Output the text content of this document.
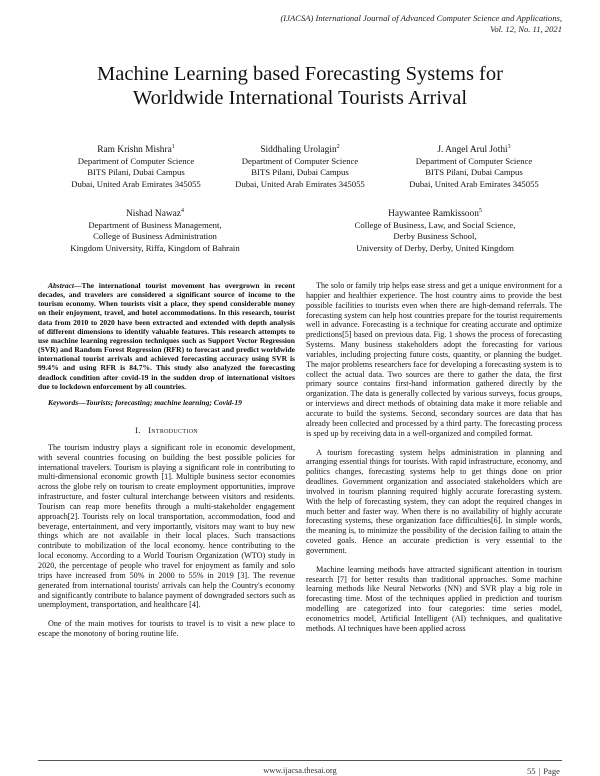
(IJACSA) International Journal of Advanced Computer Science and Applications,
Vol. 12, No. 11, 2021
Machine Learning based Forecasting Systems for
Worldwide International Tourists Arrival
Ram Krishn Mishra$^1$
Department of Computer Science
BITS Pilani, Dubai Campus
Dubai, United Arab Emirates 345055
Siddhaling Urolagin$^2$
Department of Computer Science
BITS Pilani, Dubai Campus
Dubai, United Arab Emirates 345055
J. Angel Arul Jothi$^3$
Department of Computer Science
BITS Pilani, Dubai Campus
Dubai, United Arab Emirates 345055
Nishad Nawaz$^4$
Department of Business Management,
College of Business Administration
Kingdom University, Riffa, Kingdom of Bahrain
Haywantee Ramkissoon$^5$
College of Business, Law, and Social Science,
Derby Business School,
University of Derby, Derby, United Kingdom
Abstract—The international tourist movement has overgrown in recent decades, and travelers are considered a significant source of income to the tourism economy. When tourists visit a place, they spend considerable money on their enjoyment, travel, and hotel accommodations. In this research, tourist data from 2010 to 2020 have been extracted and extended with depth analysis of different dimensions to identify valuable features. This research attempts to use machine learning regression techniques such as Support Vector Regression (SVR) and Random Forest Regression (RFR) to forecast and predict worldwide international tourist arrivals and achieved forecasting accuracy using SVR is 99.4% and using RFR is 84.7%. This study also analyzed the forecasting deadlock condition after covid-19 in the sudden drop of international visitors due to lockdown enforcement by all countries.
Keywords—Tourists; forecasting; machine learning; Covid-19
I. Introduction

The tourism industry plays a significant role in economic development, with several countries focusing on building the best possible policies for international travelers. Tourism is playing a significant role in contributing to multi-dimensional economic growth [1]. Multiple business sector economies across the globe rely on tourism to create employment opportunities, improve infrastructure, and foster cultural interchange between visitors and residents. Tourism can reap more benefits through a multi-stakeholder engagement approach[2]. Tourists rely on local transportation, accommodation, food and beverage, entertainment, and very importantly, visitors may want to buy new things which are not available in their local places. Such transactions contribute to mobilization of the local economy. hence contributing to the local economy. According to a World Tourism Organization (WTO) study in 2020, the percentage of people who travel for enjoyment as family and solo trips have increased from 50% in 2000 to 55% in 2019 [3]. The revenue generated from international tourists' arrivals can help the Country's economy and significantly contribute to balance payment of downgraded sectors such as unemployment, transportation, and healthcare [4].

One of the main motives for tourists to travel is to visit a new place to escape the monotony of boring routine life.

The solo or family trip helps ease stress and get a unique environment for a happier and healthier experience. The host country aims to provide the best possible facilities to tourists even when there are high-demand referrals. The forecasting system can help host countries prepare for the tourist requirements well in advance. Forecasting is a technique for creating accurate and optimize predictions[5] based on previous data. Fig. 1 shows the process of forecasting Systems. Many business stakeholders adopt the forecasting for various variables, including projecting future costs, quantity, or planning the budget. The major problems researchers face for developing a forecasting system is to collect the actual data. Two sources are there to gather the data, the first primary source contains first-hand information gathered directly by the organization. The data is generally collected by various surveys, focus groups, or interviews and direct methods of obtaining data make it more reliable and accurate to build the systems. Second, secondary sources are data that has already been collected and processed by a third party. The forecasting process is sped up by receiving data in a well-organized and compiled format.

A tourism forecasting system helps administration in planning and arranging essential things for tourists. With rapid infrastructure, economy, and politics changes, forecasting systems help to get things done on prior deadlines. Government organization and associated stakeholders which are involved in tourism planning required highly accurate forecasting system. With the help of forecasting system, they can adopt the required changes in much better and faster way. When there is no availability of highly accurate forecasting systems, these organization face difficulties[6]. In simple words, the meaning is, to minimize the possibility of the decision failing to attain the coveted goals. Hence an accurate prediction is very essential to the government.

Machine learning methods have attracted significant attention in tourism research [7] for better results than traditional approaches. Some machine learning methods like Neural Networks (NN) and SVR play a big role in forecasting time. Most of the techniques applied in prediction and tourism modelling are categorized into four categories: time series model, econometrics model, Artificial Intelligent (AI) techniques, and qualitative methods. AI techniques have been applied across

www.ijacsa.thesai.org	55 | Page
